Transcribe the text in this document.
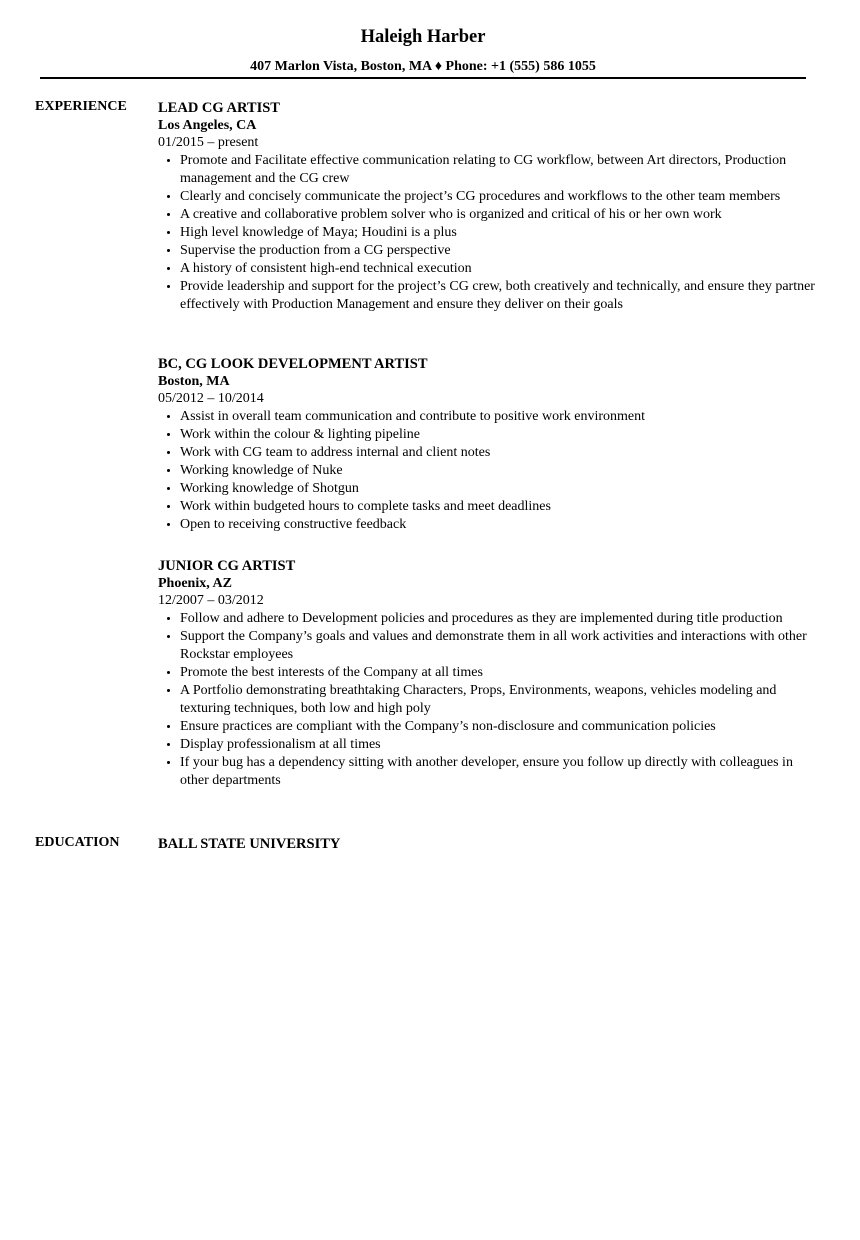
Haleigh Harber
407 Marlon Vista, Boston, MA ♦ Phone: +1 (555) 586 1055
EXPERIENCE LEAD CG ARTIST
Los Angeles, CA
01/2015 – present
• Promote and Facilitate effective communication relating to CG workflow, between Art directors, Production management and the CG crew
• Clearly and concisely communicate the project’s CG procedures and workflows to the other team members
• A creative and collaborative problem solver who is organized and critical of his or her own work
• High level knowledge of Maya; Houdini is a plus
• Supervise the production from a CG perspective
• A history of consistent high-end technical execution
• Provide leadership and support for the project’s CG crew, both creatively and technically, and ensure they partner effectively with Production Management and ensure they deliver on their goals
BC, CG LOOK DEVELOPMENT ARTIST
Boston, MA
05/2012 – 10/2014
• Assist in overall team communication and contribute to positive work environment
• Work within the colour & lighting pipeline
• Work with CG team to address internal and client notes
• Working knowledge of Nuke
• Working knowledge of Shotgun
• Work within budgeted hours to complete tasks and meet deadlines
• Open to receiving constructive feedback
JUNIOR CG ARTIST
Phoenix, AZ
12/2007 – 03/2012
• Follow and adhere to Development policies and procedures as they are implemented during title production
• Support the Company’s goals and values and demonstrate them in all work activities and interactions with other Rockstar employees
• Promote the best interests of the Company at all times
• A Portfolio demonstrating breathtaking Characters, Props, Environments, weapons, vehicles modeling and texturing techniques, both low and high poly
• Ensure practices are compliant with the Company’s non-disclosure and communication policies
• Display professionalism at all times
• If your bug has a dependency sitting with another developer, ensure you follow up directly with colleagues in other departments
EDUCATION	BALL STATE UNIVERSITY
